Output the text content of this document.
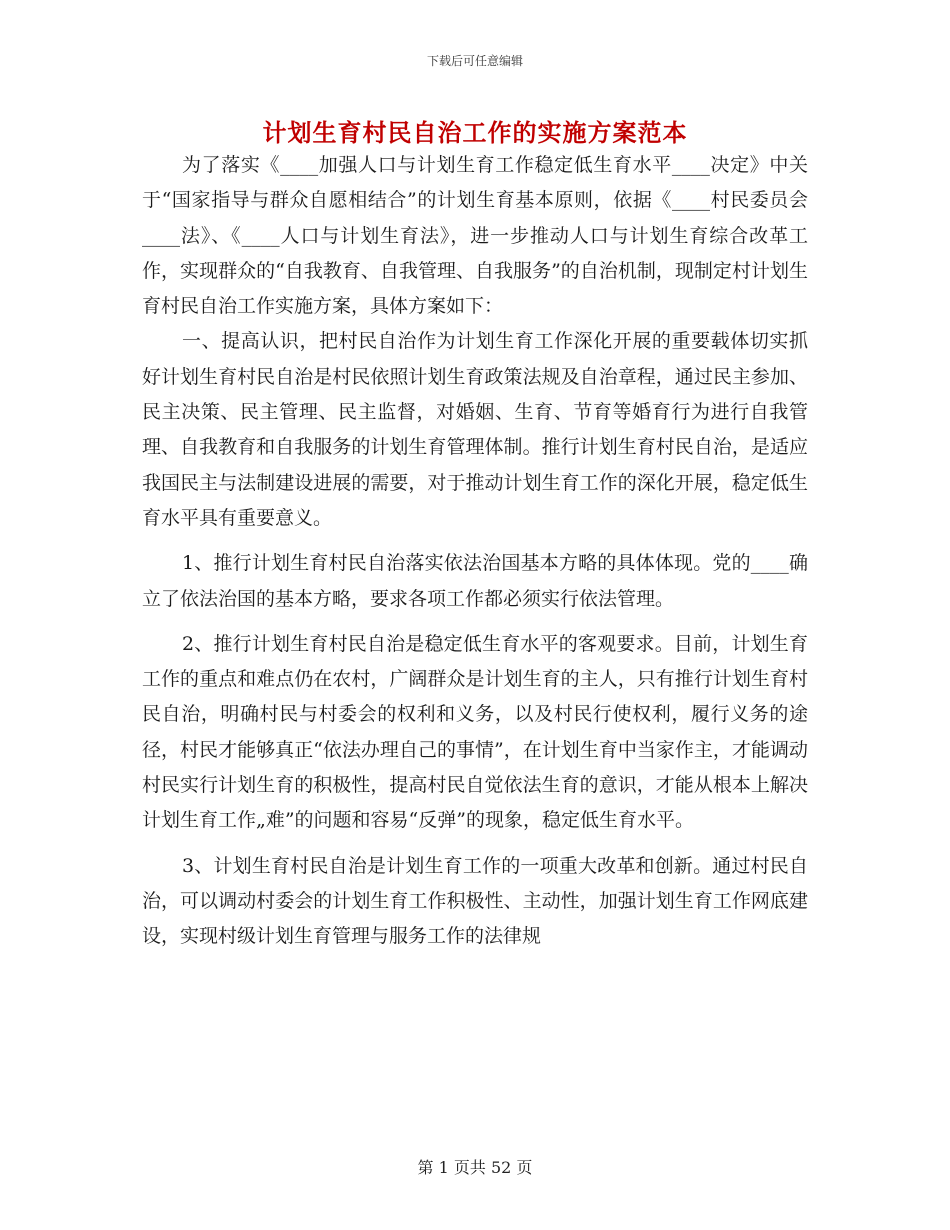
下载后可任意编辑
计划生育村民自治工作的实施方案范本

为了落实《____加强人口与计划生育工作稳定低生育水平____决定》中关于“国家指导与群众自愿相结合”的计划生育基本原则，依据《____村民委员会____法》、《____人口与计划生育法》，进一步推动人口与计划生育综合改革工作，实现群众的“自我教育、自我管理、自我服务”的自治机制，现制定村计划生育村民自治工作实施方案，具体方案如下：

一、提高认识，把村民自治作为计划生育工作深化开展的重要载体切实抓好计划生育村民自治是村民依照计划生育政策法规及自治章程，通过民主参加、民主决策、民主管理、民主监督，对婚姻、生育、节育等婚育行为进行自我管理、自我教育和自我服务的计划生育管理体制。推行计划生育村民自治，是适应我国民主与法制建设进展的需要，对于推动计划生育工作的深化开展，稳定低生育水平具有重要意义。

1、推行计划生育村民自治落实依法治国基本方略的具体体现。党的____确立了依法治国的基本方略，要求各项工作都必须实行依法管理。

2、推行计划生育村民自治是稳定低生育水平的客观要求。目前，计划生育工作的重点和难点仍在农村，广阔群众是计划生育的主人，只有推行计划生育村民自治，明确村民与村委会的权利和义务，以及村民行使权利，履行义务的途径，村民才能够真正“依法办理自己的事情”，在计划生育中当家作主，才能调动村民实行计划生育的积极性，提高村民自觉依法生育的意识，才能从根本上解决计划生育工作„难”的问题和容易“反弹”的现象，稳定低生育水平。

3、计划生育村民自治是计划生育工作的一项重大改革和创新。通过村民自治，可以调动村委会的计划生育工作积极性、主动性，加强计划生育工作网底建设，实现村级计划生育管理与服务工作的法律规

第 1 页共 52 页
